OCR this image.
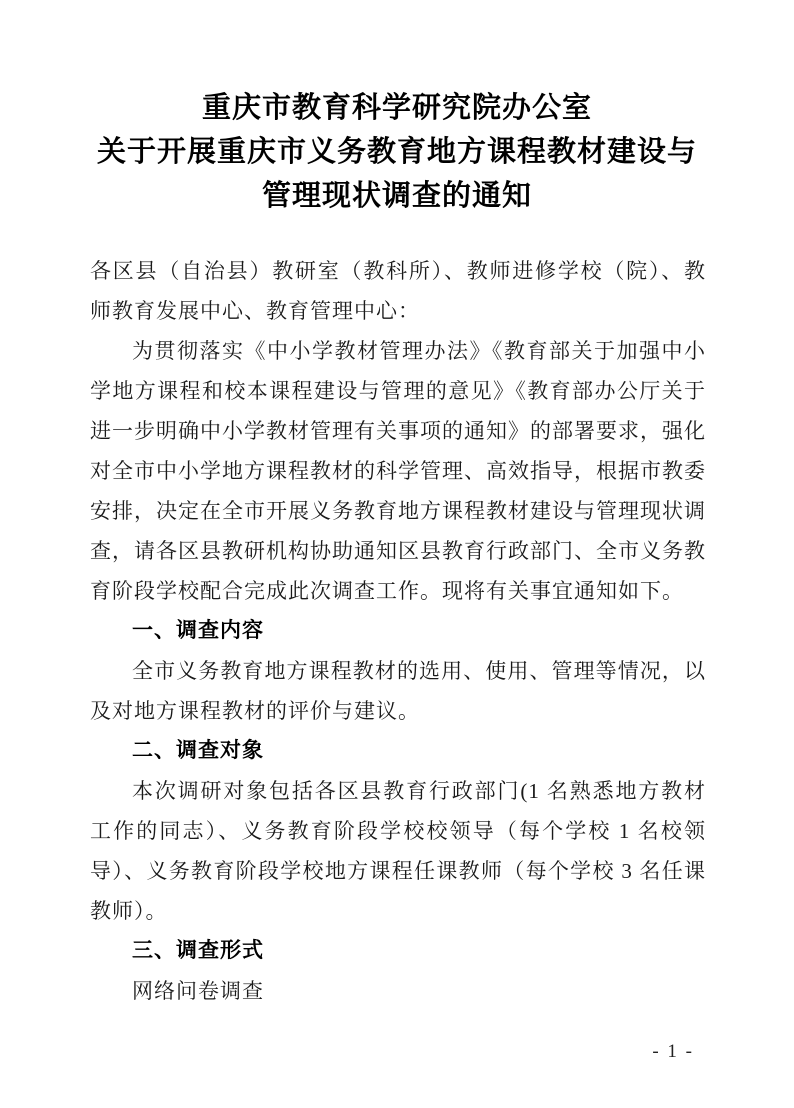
重庆市教育科学研究院办公室
关于开展重庆市义务教育地方课程教材建设与
管理现状调查的通知

各区县（自治县）教研室（教科所）、教师进修学校（院）、教师教育发展中心、教育管理中心：

为贯彻落实《中小学教材管理办法》《教育部关于加强中小学地方课程和校本课程建设与管理的意见》《教育部办公厅关于进一步明确中小学教材管理有关事项的通知》的部署要求，强化对全市中小学地方课程教材的科学管理、高效指导，根据市教委安排，决定在全市开展义务教育地方课程教材建设与管理现状调查，请各区县教研机构协助通知区县教育行政部门、全市义务教育阶段学校配合完成此次调查工作。现将有关事宜通知如下。

一、调查内容

全市义务教育地方课程教材的选用、使用、管理等情况，以及对地方课程教材的评价与建议。

二、调查对象

本次调研对象包括各区县教育行政部门(1 名熟悉地方教材工作的同志）、义务教育阶段学校校领导（每个学校 1 名校领导）、义务教育阶段学校地方课程任课教师（每个学校 3 名任课教师）。

三、调查形式

网络问卷调查

- 1 -
